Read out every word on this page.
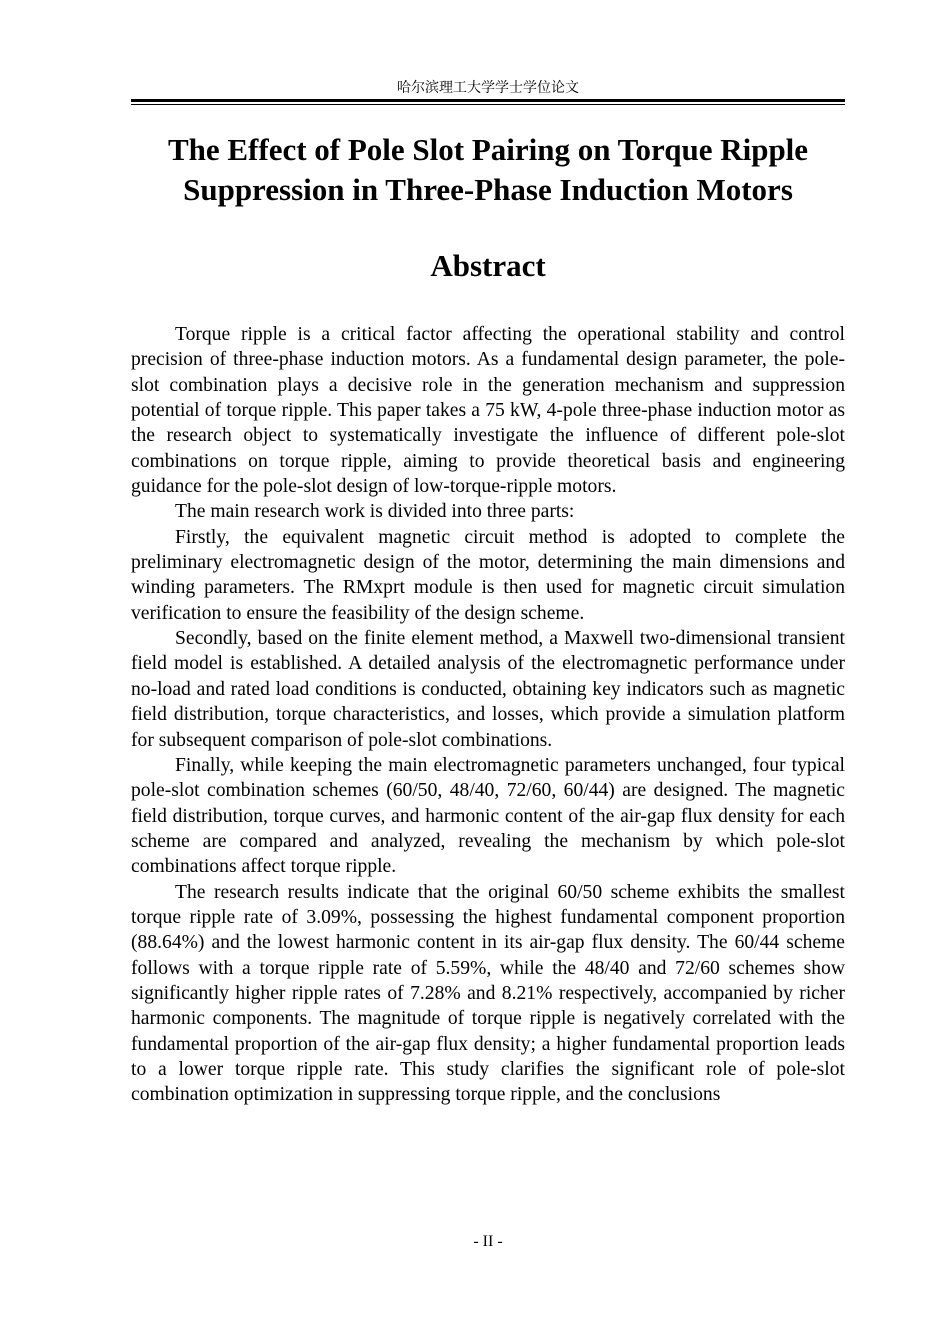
哈尔滨理工大学学士学位论文
The Effect of Pole Slot Pairing on Torque Ripple
Suppression in Three-Phase Induction Motors
Abstract

Torque ripple is a critical factor affecting the operational stability and control precision of three-phase induction motors. As a fundamental design parameter, the pole-slot combination plays a decisive role in the generation mechanism and suppression potential of torque ripple. This paper takes a 75 kW, 4-pole three-phase induction motor as the research object to systematically investigate the influence of different pole-slot combinations on torque ripple, aiming to provide theoretical basis and engineering guidance for the pole-slot design of low-torque-ripple motors.

The main research work is divided into three parts:

Firstly, the equivalent magnetic circuit method is adopted to complete the preliminary electromagnetic design of the motor, determining the main dimensions and winding parameters. The RMxprt module is then used for magnetic circuit simulation verification to ensure the feasibility of the design scheme.

Secondly, based on the finite element method, a Maxwell two-dimensional transient field model is established. A detailed analysis of the electromagnetic performance under no-load and rated load conditions is conducted, obtaining key indicators such as magnetic field distribution, torque characteristics, and losses, which provide a simulation platform for subsequent comparison of pole-slot combinations.

Finally, while keeping the main electromagnetic parameters unchanged, four typical pole-slot combination schemes (60/50, 48/40, 72/60, 60/44) are designed. The magnetic field distribution, torque curves, and harmonic content of the air-gap flux density for each scheme are compared and analyzed, revealing the mechanism by which pole-slot combinations affect torque ripple.

The research results indicate that the original 60/50 scheme exhibits the smallest torque ripple rate of 3.09%, possessing the highest fundamental component proportion (88.64%) and the lowest harmonic content in its air-gap flux density. The 60/44 scheme follows with a torque ripple rate of 5.59%, while the 48/40 and 72/60 schemes show significantly higher ripple rates of 7.28% and 8.21% respectively, accompanied by richer harmonic components. The magnitude of torque ripple is negatively correlated with the fundamental proportion of the air-gap flux density; a higher fundamental proportion leads to a lower torque ripple rate. This study clarifies the significant role of pole-slot combination optimization in suppressing torque ripple, and the conclusions

- II -
